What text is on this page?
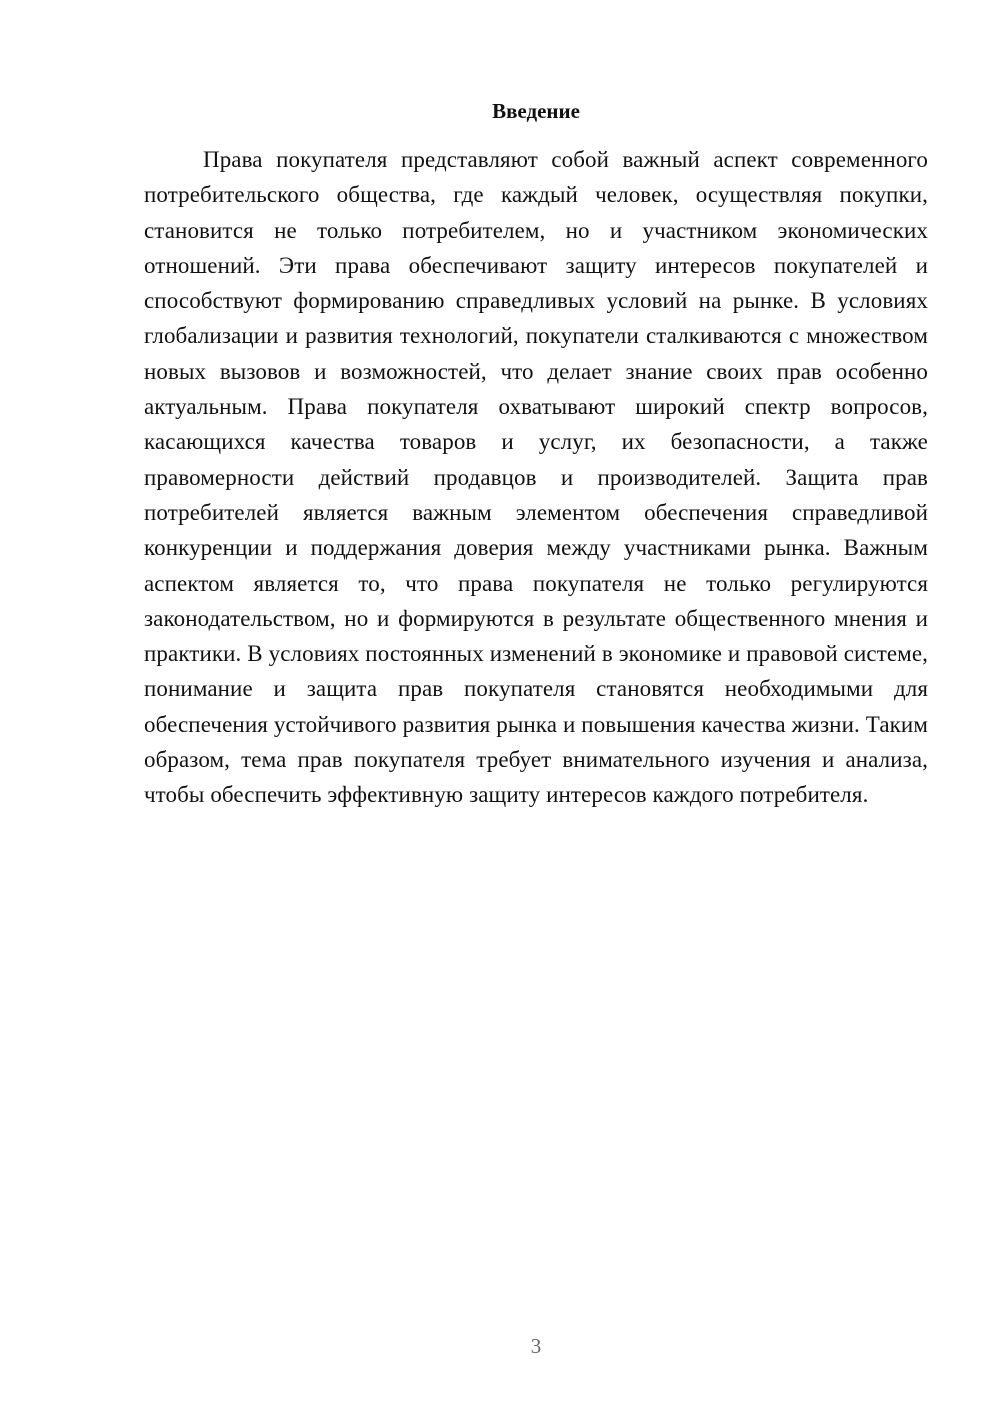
Введение

Права покупателя представляют собой важный аспект современного потребительского общества, где каждый человек, осуществляя покупки, становится не только потребителем, но и участником экономических отношений. Эти права обеспечивают защиту интересов покупателей и способствуют формированию справедливых условий на рынке. В условиях глобализации и развития технологий, покупатели сталкиваются с множеством новых вызовов и возможностей, что делает знание своих прав особенно актуальным. Права покупателя охватывают широкий спектр вопросов, касающихся качества товаров и услуг, их безопасности, а также правомерности действий продавцов и производителей. Защита прав потребителей является важным элементом обеспечения справедливой конкуренции и поддержания доверия между участниками рынка. Важным аспектом является то, что права покупателя не только регулируются законодательством, но и формируются в результате общественного мнения и практики. В условиях постоянных изменений в экономике и правовой системе, понимание и защита прав покупателя становятся необходимыми для обеспечения устойчивого развития рынка и повышения качества жизни. Таким образом, тема прав покупателя требует внимательного изучения и анализа, чтобы обеспечить эффективную защиту интересов каждого потребителя.

3
